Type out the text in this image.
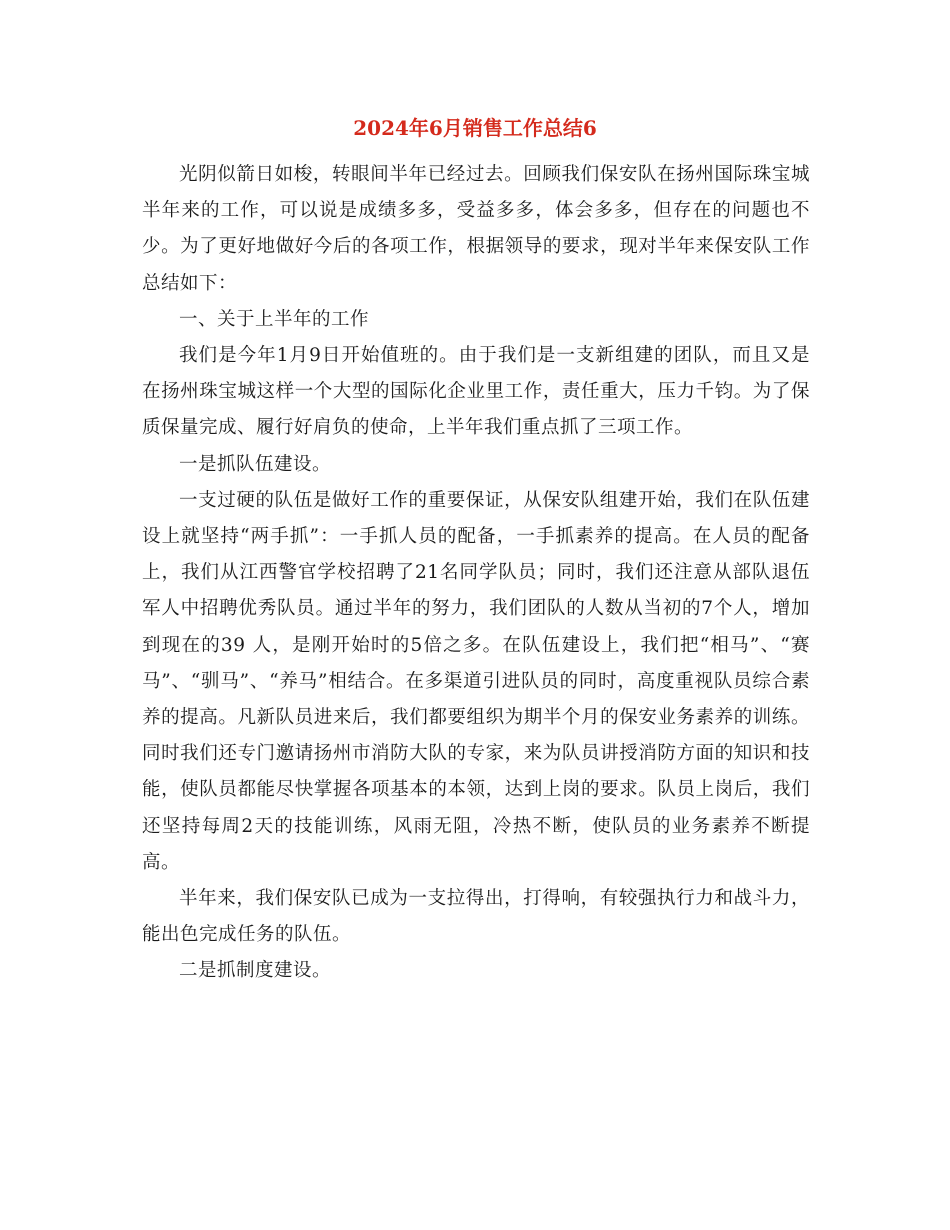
2024年6月销售工作总结6

光阴似箭日如梭，转眼间半年已经过去。回顾我们保安队在扬州国际珠宝城半年来的工作，可以说是成绩多多，受益多多，体会多多，但存在的问题也不少。为了更好地做好今后的各项工作，根据领导的要求，现对半年来保安队工作总结如下：

一、关于上半年的工作

我们是今年1月9日开始值班的。由于我们是一支新组建的团队，而且又是在扬州珠宝城这样一个大型的国际化企业里工作，责任重大，压力千钧。为了保质保量完成、履行好肩负的使命，上半年我们重点抓了三项工作。

一是抓队伍建设。

一支过硬的队伍是做好工作的重要保证，从保安队组建开始，我们在队伍建设上就坚持“两手抓”：一手抓人员的配备，一手抓素养的提高。在人员的配备上，我们从江西警官学校招聘了21名同学队员；同时，我们还注意从部队退伍军人中招聘优秀队员。通过半年的努力，我们团队的人数从当初的7个人，增加到现在的39 人，是刚开始时的5倍之多。在队伍建设上，我们把“相马”、“赛马”、“驯马”、“养马”相结合。在多渠道引进队员的同时，高度重视队员综合素养的提高。凡新队员进来后，我们都要组织为期半个月的保安业务素养的训练。同时我们还专门邀请扬州市消防大队的专家，来为队员讲授消防方面的知识和技能，使队员都能尽快掌握各项基本的本领，达到上岗的要求。队员上岗后，我们还坚持每周2天的技能训练，风雨无阻，冷热不断，使队员的业务素养不断提高。

半年来，我们保安队已成为一支拉得出，打得响，有较强执行力和战斗力，能出色完成任务的队伍。

二是抓制度建设。
